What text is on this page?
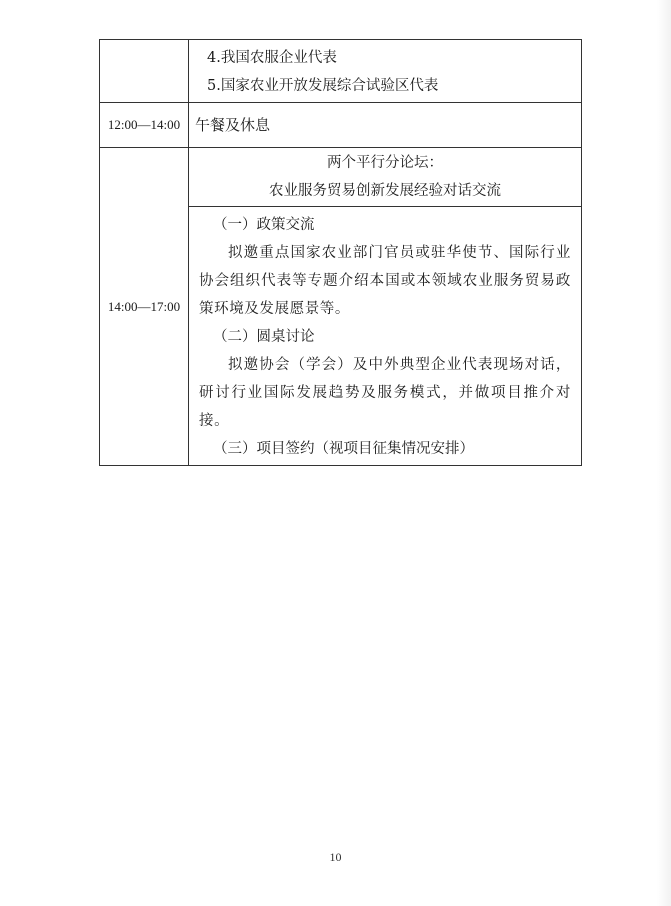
	4.我国农服企业代表
5.国家农业开放发展综合试验区代表

12:00—14:00	午餐及休息

14:00—17:00	两个平行分论坛：
农业服务贸易创新发展经验对话交流

	（一）政策交流
拟邀重点国家农业部门官员或驻华使节、国际行业协会组织代表等专题介绍本国或本领域农业服务贸易政策环境及发展愿景等。
（二）圆桌讨论
拟邀协会（学会）及中外典型企业代表现场对话，研讨行业国际发展趋势及服务模式，并做项目推介对接。
（三）项目签约（视项目征集情况安排）
10
